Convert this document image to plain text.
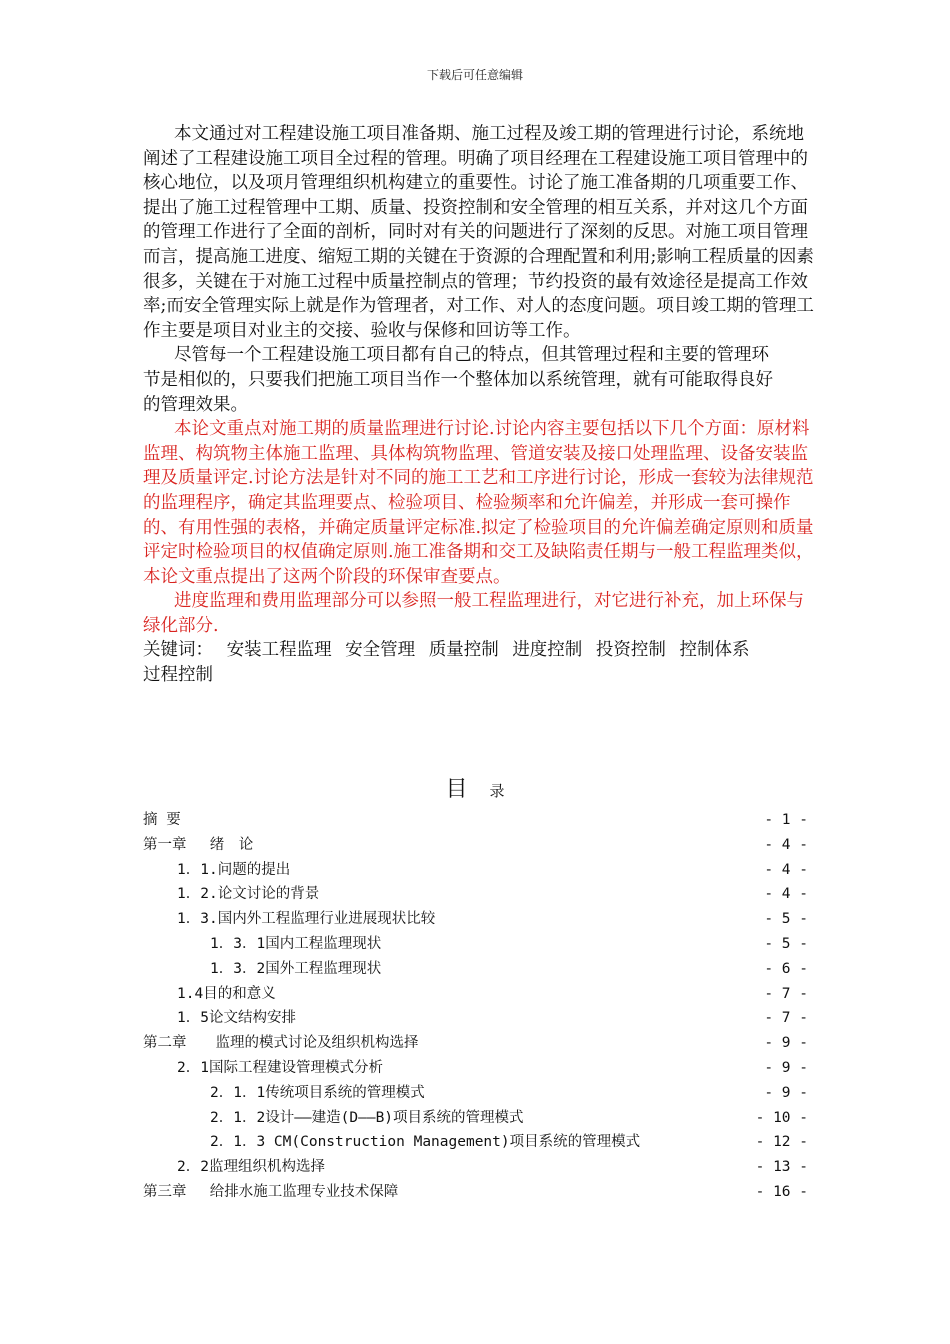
下载后可任意编辑

本文通过对工程建设施工项目准备期、施工过程及竣工期的管理进行讨论，系统地阐述了工程建设施工项目全过程的管理。明确了项目经理在工程建设施工项目管理中的核心地位，以及项月管理组织机构建立的重要性。讨论了施工准备期的几项重要工作、提出了施工过程管理中工期、质量、投资控制和安全管理的相互关系，并对这几个方面的管理工作进行了全面的剖析，同时对有关的问题进行了深刻的反思。对施工项目管理而言，提高施工进度、缩短工期的关键在于资源的合理配置和利用;影响工程质量的因素很多，关键在于对施工过程中质量控制点的管理；节约投资的最有效途径是提高工作效率;而安全管理实际上就是作为管理者，对工作、对人的态度问题。项目竣工期的管理工作主要是项目对业主的交接、验收与保修和回访等工作。

尽管每一个工程建设施工项目都有自己的特点，但其管理过程和主要的管理环节是相似的，只要我们把施工项目当作一个整体加以系统管理，就有可能取得良好的管理效果。

本论文重点对施工期的质量监理进行讨论.讨论内容主要包括以下几个方面：原材料监理、构筑物主体施工监理、具体构筑物监理、管道安装及接口处理监理、设备安装监理及质量评定.讨论方法是针对不同的施工工艺和工序进行讨论，形成一套较为法律规范的监理程序，确定其监理要点、检验项目、检验频率和允许偏差，并形成一套可操作的、有用性强的表格，并确定质量评定标准.拟定了检验项目的允许偏差确定原则和质量评定时检验项目的权值确定原则.施工准备期和交工及缺陷责任期与一般工程监理类似，本论文重点提出了这两个阶段的环保审查要点。

进度监理和费用监理部分可以参照一般工程监理进行，对它进行补充，加上环保与绿化部分.

关键词： 安装工程监理 安全管理 质量控制 进度控制 投资控制 控制体系

过程控制

目 录
摘 要	- 1 -
第一章　 绪　论	- 4 -
1．1.问题的提出	- 4 -
1．2.论文讨论的背景	- 4 -
1．3.国内外工程监理行业进展现状比较	- 5 -
1．3．1国内工程监理现状	- 5 -
1．3．2国外工程监理现状	- 6 -
1.4目的和意义	- 7 -
1．5论文结构安排	- 7 -
第二章　　监理的模式讨论及组织机构选择	- 9 -
2．1国际工程建设管理模式分析	- 9 -
2．1．1传统项目系统的管理模式	- 9 -
2．1．2设计——建造(D——B)项目系统的管理模式	- 10 -
2．1．3 CM(Construction Management)项目系统的管理模式	- 12 -
2．2监理组织机构选择	- 13 -
第三章　 给排水施工监理专业技术保障	- 16 -
